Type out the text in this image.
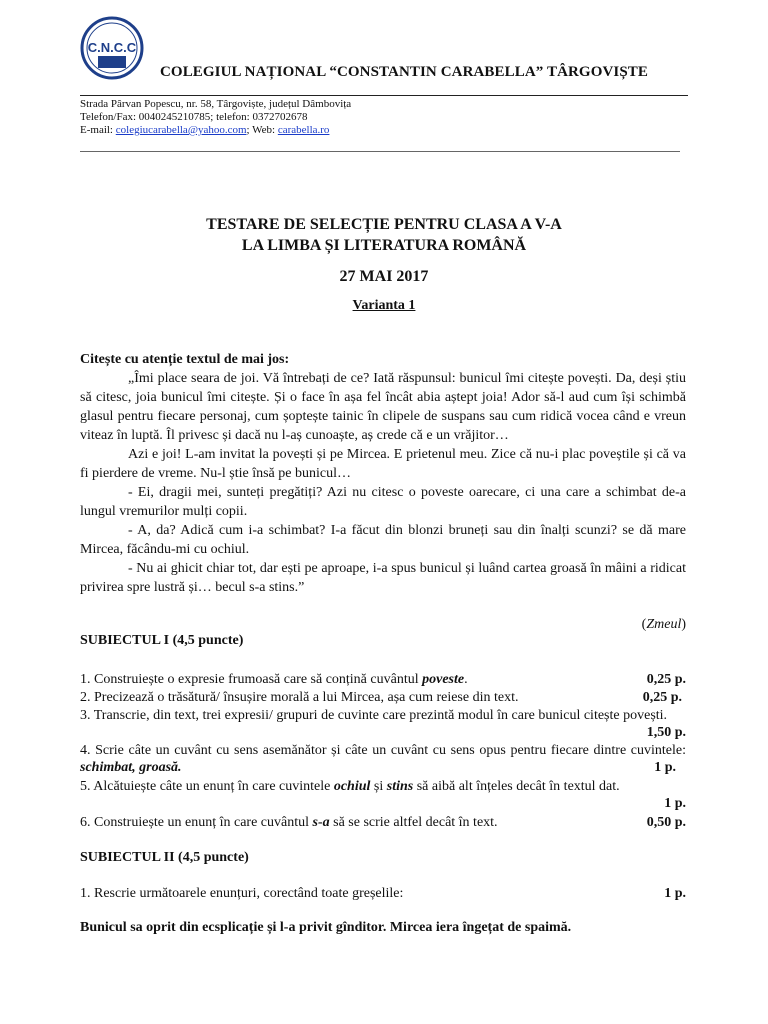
C.N.C.C
COLEGIUL NAȚIONAL “CONSTANTIN CARABELLA” TÂRGOVIȘTE
Strada Pârvan Popescu, nr. 58, Târgoviște, județul Dâmbovița
Telefon/Fax: 0040245210785; telefon: 0372702678
E-mail: colegiucarabella@yahoo.com; Web: carabella.ro
TESTARE DE SELECȚIE PENTRU CLASA A V-A
LA LIMBA ȘI LITERATURA ROMÂNĂ
27 MAI 2017
Varianta 1
Citește cu atenție textul de mai jos:
„Îmi place seara de joi. Vă întrebați de ce? Iată răspunsul: bunicul îmi citește povești. Da, deși știu să citesc, joia bunicul îmi citește. Și o face în așa fel încât abia aștept joia! Ador să-l aud cum își schimbă glasul pentru fiecare personaj, cum șoptește tainic în clipele de suspans sau cum ridică vocea când e vreun viteaz în luptă. Îl privesc și dacă nu l-aș cunoaște, aș crede că e un vrăjitor…
Azi e joi! L-am invitat la povești și pe Mircea. E prietenul meu. Zice că nu-i plac poveștile și că va fi pierdere de vreme. Nu-l știe însă pe bunicul…
- Ei, dragii mei, sunteți pregătiți? Azi nu citesc o poveste oarecare, ci una care a schimbat de-a lungul vremurilor mulți copii.
- A, da? Adică cum i-a schimbat? I-a făcut din blonzi bruneți sau din înalți scunzi? se dă mare Mircea, făcându-mi cu ochiul.
- Nu ai ghicit chiar tot, dar ești pe aproape, i-a spus bunicul și luând cartea groasă în mâini a ridicat privirea spre lustră și… becul s-a stins.”
(Zmeul)
SUBIECTUL I (4,5 puncte)
1. Construiește o expresie frumoasă care să conțină cuvântul poveste.	0,25 p.
2. Precizează o trăsătură/ însușire morală a lui Mircea, așa cum reiese din text.	0,25 p.
3. Transcrie, din text, trei expresii/ grupuri de cuvinte care prezintă modul în care bunicul citește povești.
1,50 p.
4. Scrie câte un cuvânt cu sens asemănător și câte un cuvânt cu sens opus pentru fiecare dintre cuvintele: schimbat, groasă.	1 p.
5. Alcătuiește câte un enunț în care cuvintele ochiul și stins să aibă alt înțeles decât în textul dat.
1 p.
6. Construiește un enunț în care cuvântul s-a să se scrie altfel decât în text.	0,50 p.
SUBIECTUL II (4,5 puncte)
1. Rescrie următoarele enunțuri, corectând toate greșelile:	1 p.
Bunicul sa oprit din ecsplicație și l-a privit gînditor. Mircea iera îngețat de spaimă.
